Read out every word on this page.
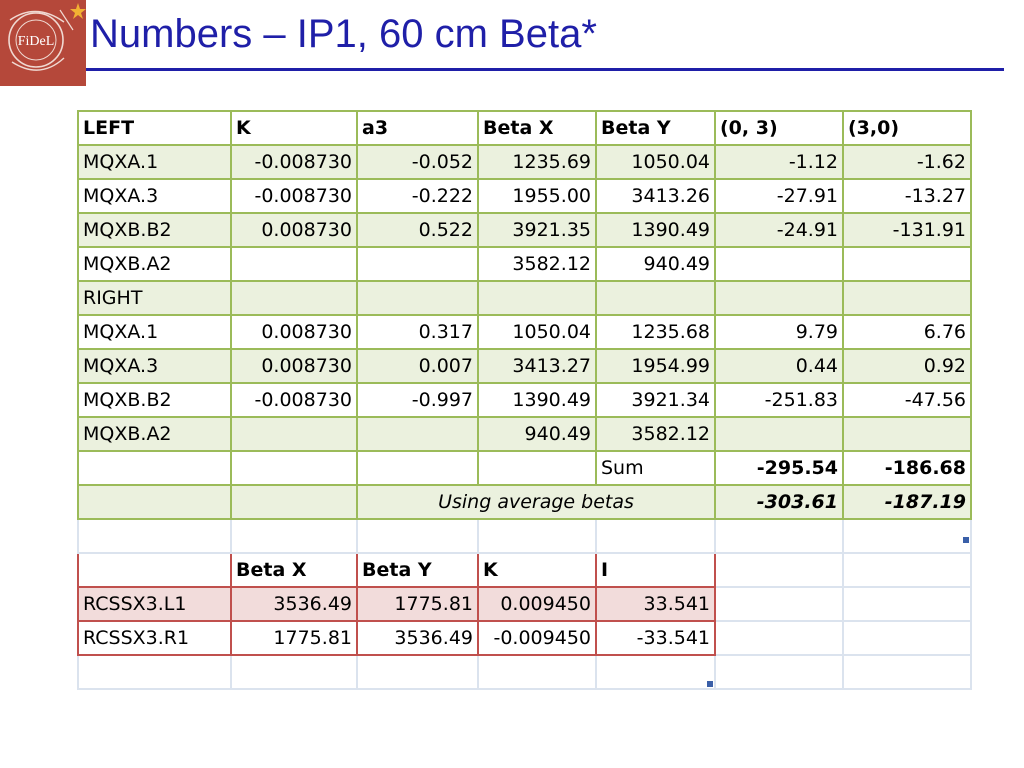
FiDeL Numbers – IP1, 60 cm Beta*
LEFT	K	a3	Beta X	Beta Y	(0, 3)	(3,0)
MQXA.1	-0.008730	-0.052	1235.69	1050.04	-1.12	-1.62
MQXA.3	-0.008730	-0.222	1955.00	3413.26	-27.91	-13.27
MQXB.B2	0.008730	0.522	3921.35	1390.49	-24.91	-131.91
MQXB.A2			3582.12	940.49		
RIGHT						
MQXA.1	0.008730	0.317	1050.04	1235.68	9.79	6.76
MQXA.3	0.008730	0.007	3413.27	1954.99	0.44	0.92
MQXB.B2	-0.008730	-0.997	1390.49	3921.34	-251.83	-47.56
MQXB.A2			940.49	3582.12		
				Sum	-295.54	-186.68
		Using average betas			-303.61	-187.19

	Beta X	Beta Y	K	I		
RCSSX3.L1	3536.49	1775.81	0.009450	33.541		
RCSSX3.R1	1775.81	3536.49	-0.009450	-33.541		
